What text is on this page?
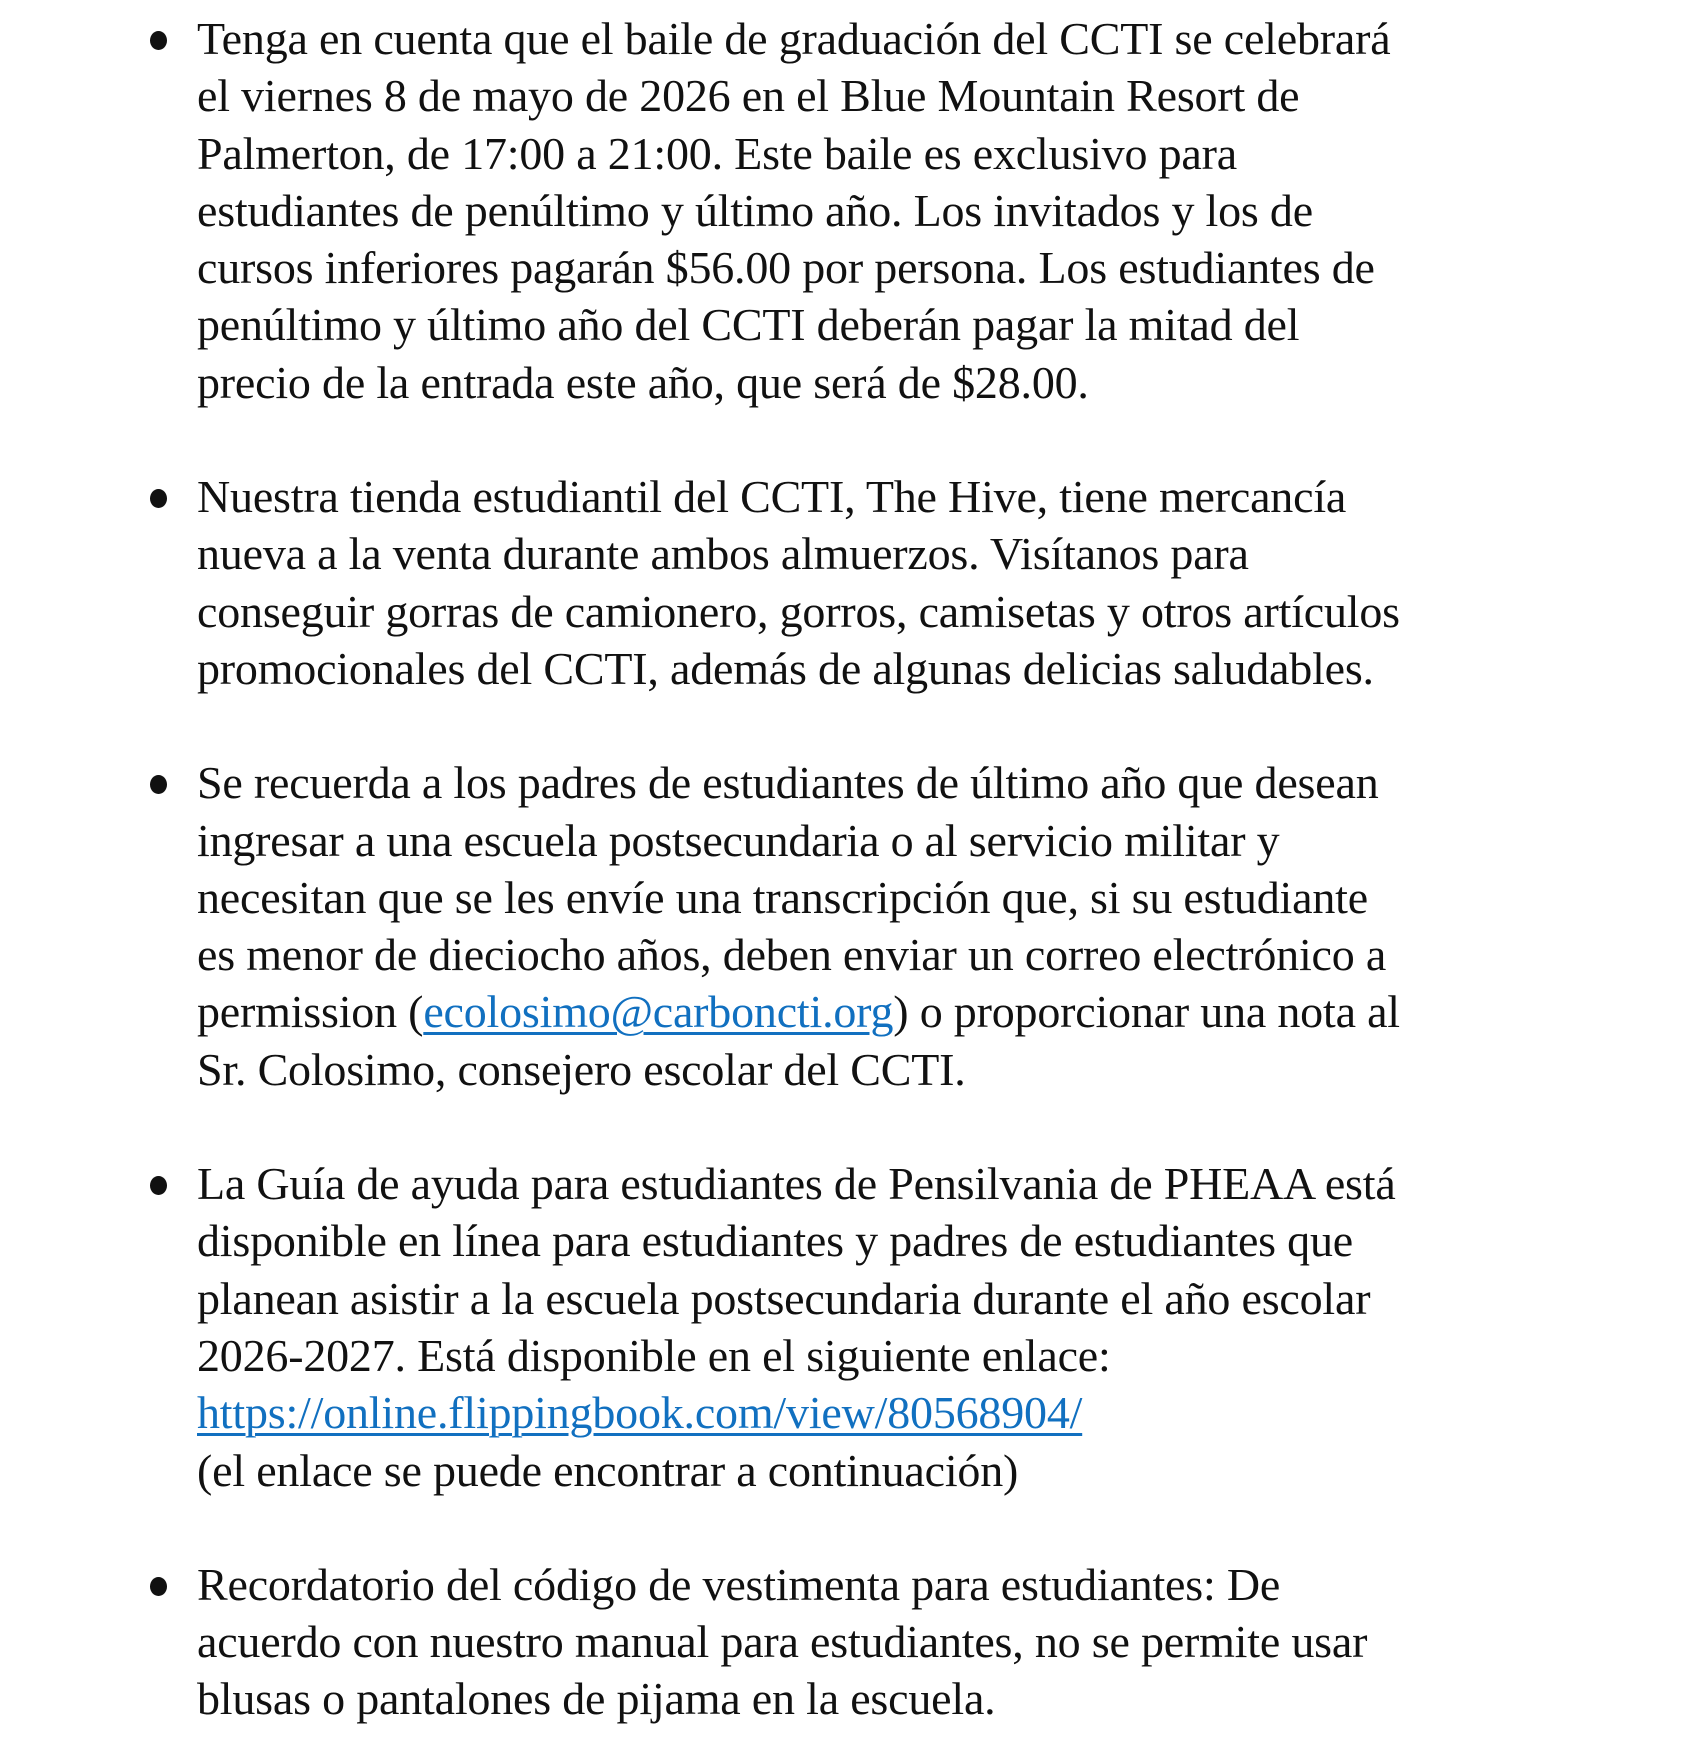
Tenga en cuenta que el baile de graduación del CCTI se celebrará
el viernes 8 de mayo de 2026 en el Blue Mountain Resort de
Palmerton, de 17:00 a 21:00. Este baile es exclusivo para
estudiantes de penúltimo y último año. Los invitados y los de
cursos inferiores pagarán $56.00 por persona. Los estudiantes de
penúltimo y último año del CCTI deberán pagar la mitad del
precio de la entrada este año, que será de $28.00.
Nuestra tienda estudiantil del CCTI, The Hive, tiene mercancía
nueva a la venta durante ambos almuerzos. Visítanos para
conseguir gorras de camionero, gorros, camisetas y otros artículos
promocionales del CCTI, además de algunas delicias saludables.
Se recuerda a los padres de estudiantes de último año que desean
ingresar a una escuela postsecundaria o al servicio militar y
necesitan que se les envíe una transcripción que, si su estudiante
es menor de dieciocho años, deben enviar un correo electrónico a
permission (ecolosimo@carboncti.org) o proporcionar una nota al
Sr. Colosimo, consejero escolar del CCTI.
La Guía de ayuda para estudiantes de Pensilvania de PHEAA está
disponible en línea para estudiantes y padres de estudiantes que
planean asistir a la escuela postsecundaria durante el año escolar
2026-2027. Está disponible en el siguiente enlace:
https://online.flippingbook.com/view/80568904/
(el enlace se puede encontrar a continuación)
Recordatorio del código de vestimenta para estudiantes: De
acuerdo con nuestro manual para estudiantes, no se permite usar
blusas o pantalones de pijama en la escuela.
